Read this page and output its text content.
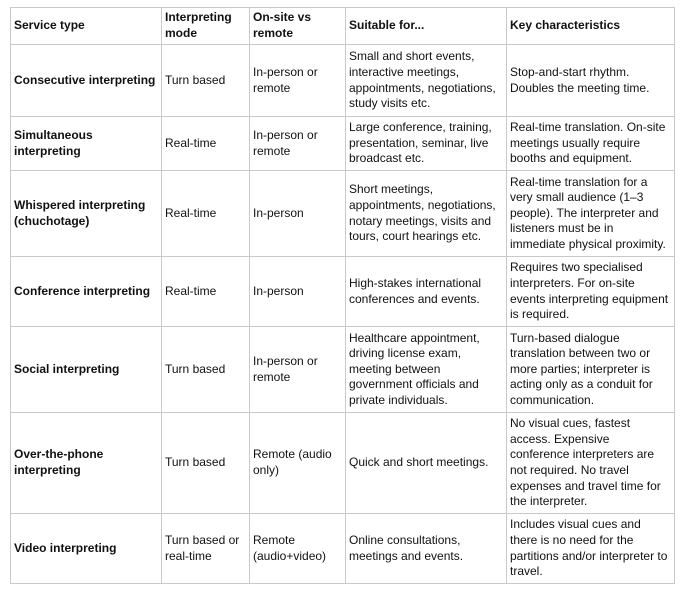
Service type	Interpreting mode	On-site vs remote	Suitable for...	Key characteristics
Consecutive interpreting	Turn based	In-person or remote	Small and short events, interactive meetings, appointments, negotiations, study visits etc.	Stop-and-start rhythm. Doubles the meeting time.
Simultaneous interpreting	Real-time	In-person or remote	Large conference, training, presentation, seminar, live broadcast etc.	Real-time translation. On-site meetings usually require booths and equipment.
Whispered interpreting (chuchotage)	Real-time	In-person	Short meetings, appointments, negotiations, notary meetings, visits and tours, court hearings etc.	Real-time translation for a very small audience (1–3 people). The interpreter and listeners must be in immediate physical proximity.
Conference interpreting	Real-time	In-person	High-stakes international conferences and events.	Requires two specialised interpreters. For on-site events interpreting equipment is required.
Social interpreting	Turn based	In-person or remote	Healthcare appointment, driving license exam, meeting between government officials and private individuals.	Turn-based dialogue translation between two or more parties; interpreter is acting only as a conduit for communication.
Over-the-phone interpreting	Turn based	Remote (audio only)	Quick and short meetings.	No visual cues, fastest access. Expensive conference interpreters are not required. No travel expenses and travel time for the interpreter.
Video interpreting	Turn based or real-time	Remote (audio+video)	Online consultations, meetings and events.	Includes visual cues and there is no need for the partitions and/or interpreter to travel.
